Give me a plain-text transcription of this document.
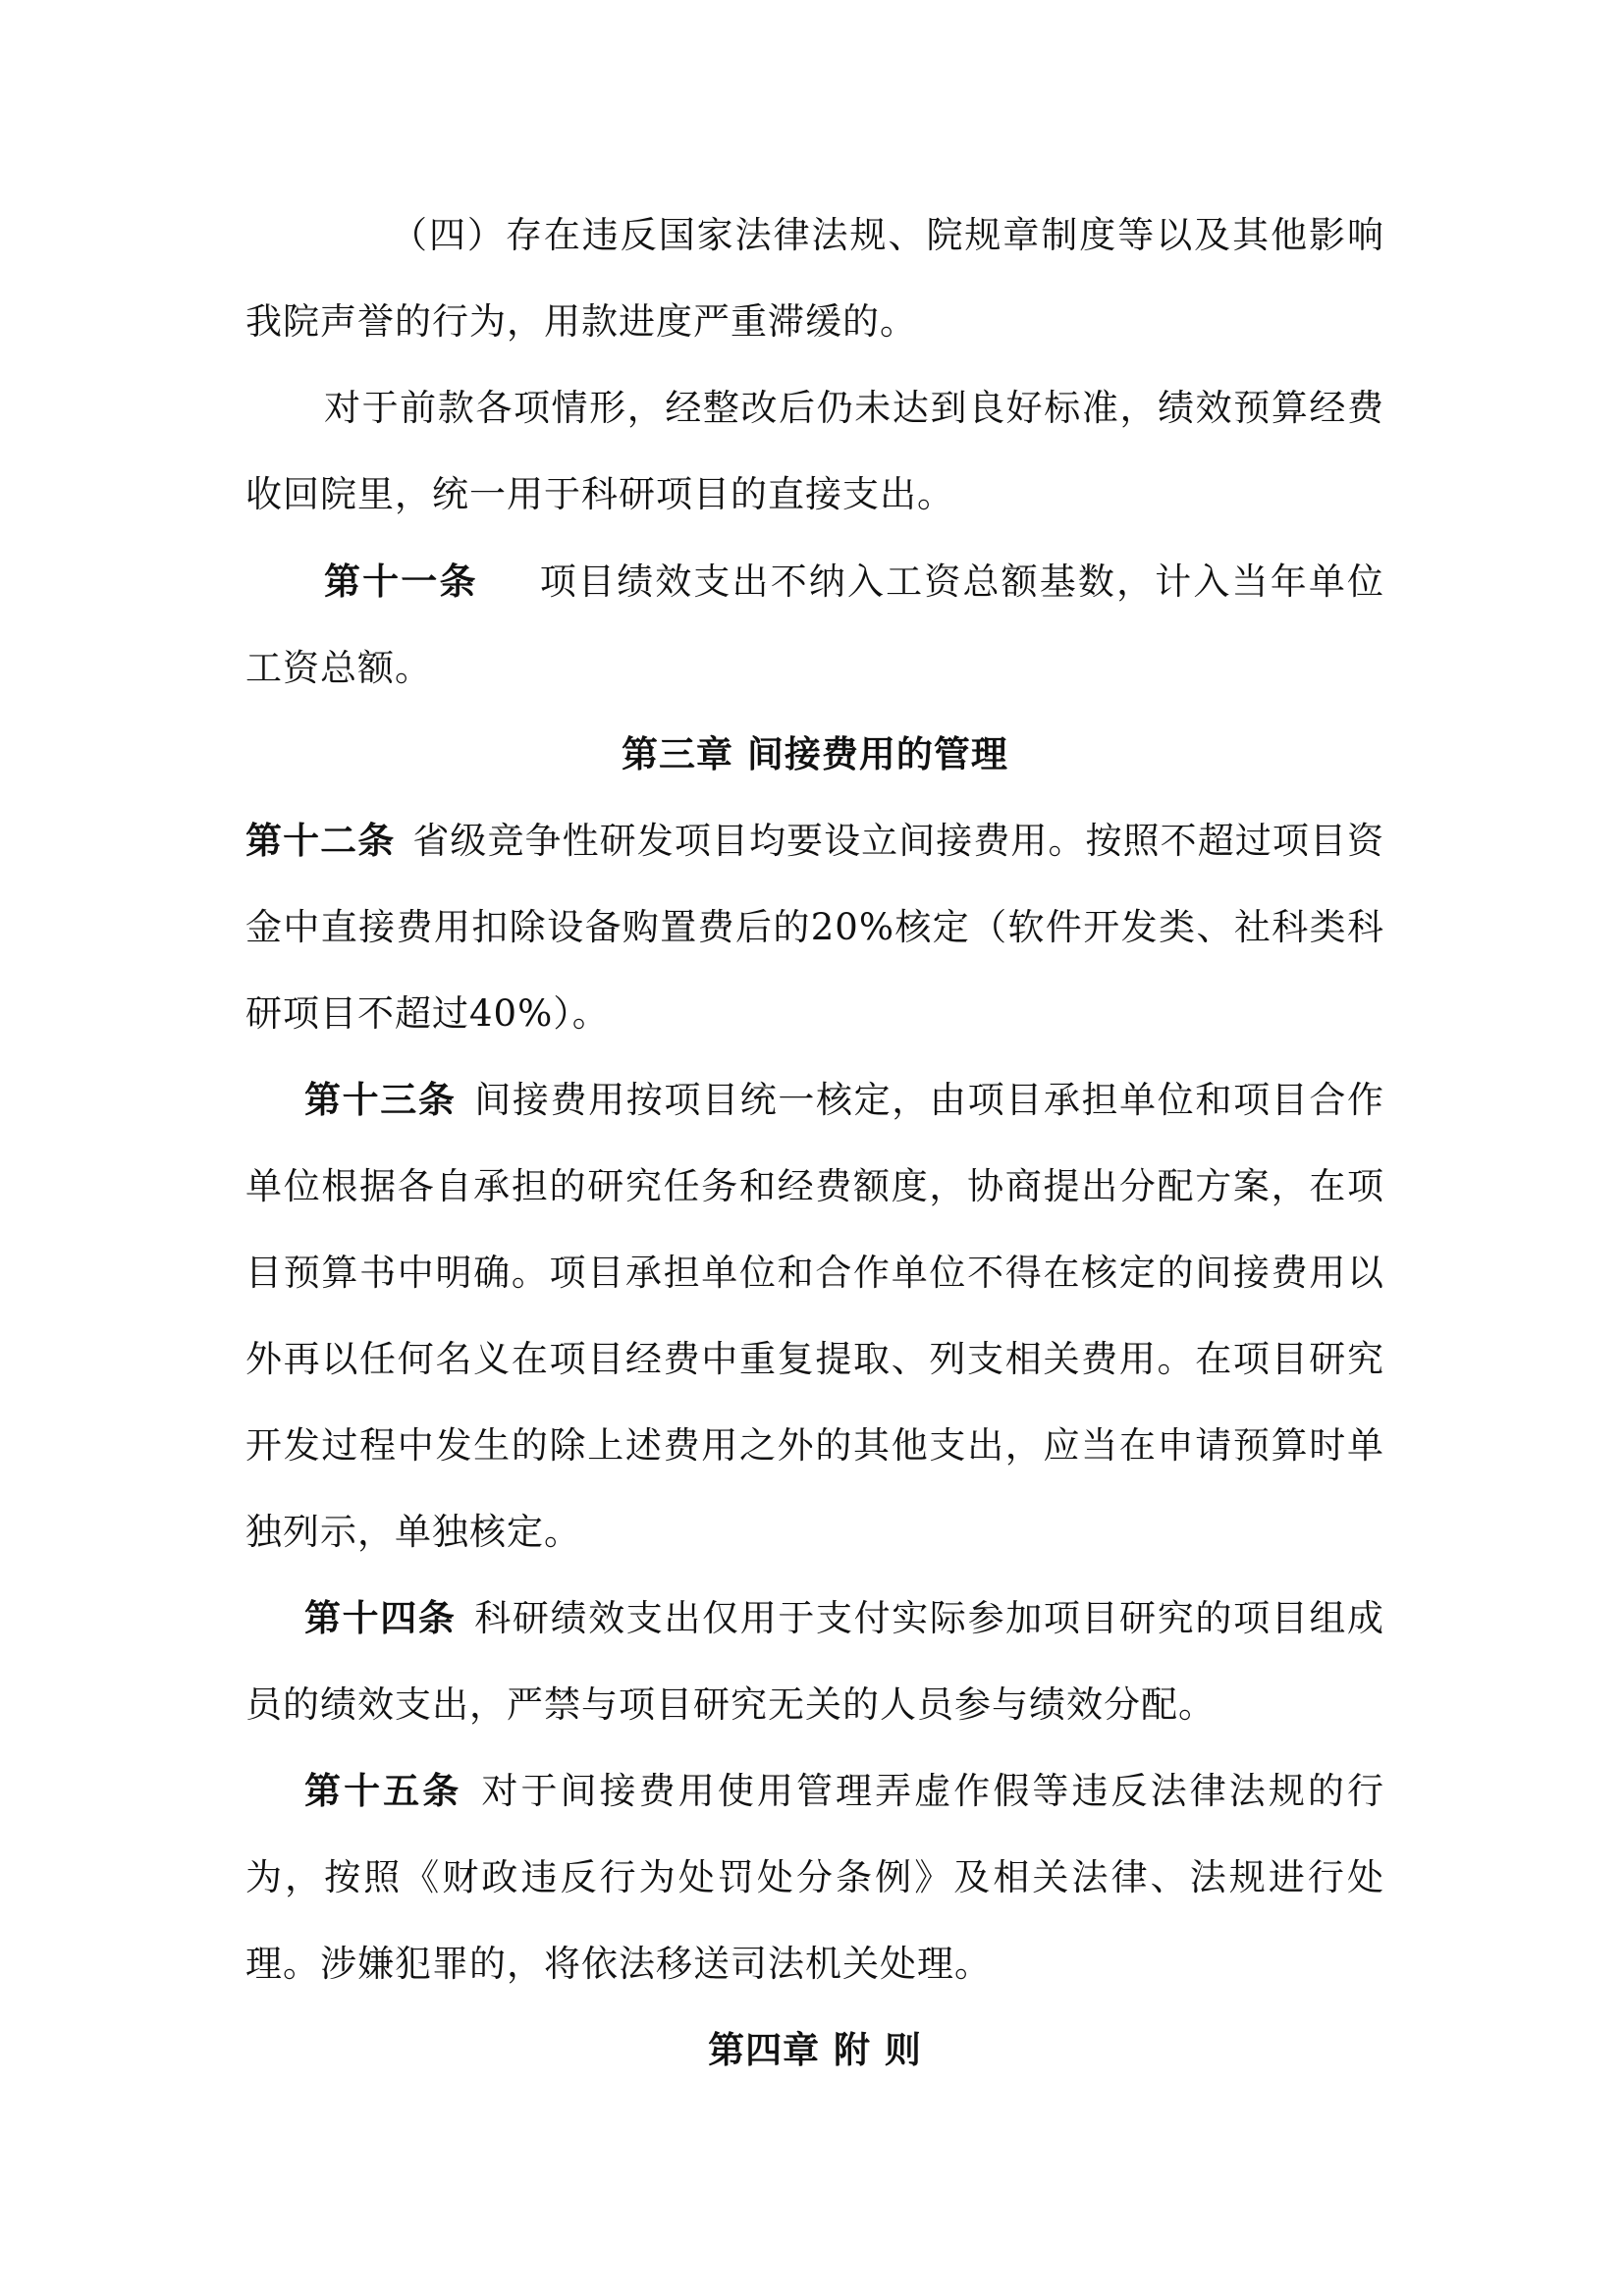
（四）存在违反国家法律法规、院规章制度等以及其他影响我院声誉的行为，用款进度严重滞缓的。

对于前款各项情形，经整改后仍未达到良好标准，绩效预算经费收回院里，统一用于科研项目的直接支出。

第十一条 项目绩效支出不纳入工资总额基数，计入当年单位工资总额。

第三章 间接费用的管理

第十二条 省级竞争性研发项目均要设立间接费用。按照不超过项目资金中直接费用扣除设备购置费后的20%核定（软件开发类、社科类科研项目不超过40%）。

第十三条 间接费用按项目统一核定，由项目承担单位和项目合作单位根据各自承担的研究任务和经费额度，协商提出分配方案，在项目预算书中明确。项目承担单位和合作单位不得在核定的间接费用以外再以任何名义在项目经费中重复提取、列支相关费用。在项目研究开发过程中发生的除上述费用之外的其他支出，应当在申请预算时单独列示，单独核定。

第十四条 科研绩效支出仅用于支付实际参加项目研究的项目组成员的绩效支出，严禁与项目研究无关的人员参与绩效分配。

第十五条 对于间接费用使用管理弄虚作假等违反法律法规的行为，按照《财政违反行为处罚处分条例》及相关法律、法规进行处理。涉嫌犯罪的，将依法移送司法机关处理。

第四章 附 则
